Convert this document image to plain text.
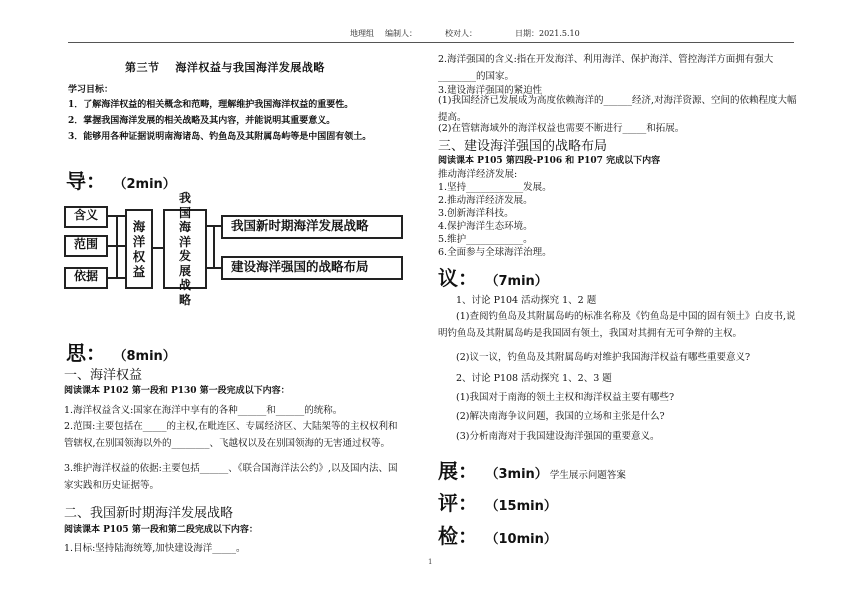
地理组 编制人：	校对人：	日期：2021.5.10
第三节　 海洋权益与我国海洋发展战略
学习目标：
1．了解海洋权益的相关概念和范畴，理解维护我国海洋权益的重要性。
2．掌握我国海洋发展的相关战略及其内容，并能说明其重要意义。
3．能够用各种证据说明南海诸岛、钓鱼岛及其附属岛屿等是中国固有领土。
导： （2min）
含义
范围
依据
海
洋
权
益
我
国
海
洋
发
展
战
略
我国新时期海洋发展战略
建设海洋强国的战略布局
思： （8min）
一、海洋权益
阅读课本 P102 第一段和 P130 第一段完成以下内容：
1.海洋权益含义:国家在海洋中享有的各种______和______的统称。
2.范围:主要包括在_____的主权,在毗连区、专属经济区、大陆架等的主权权利和管辖权,在别国领海以外的________、飞越权以及在别国领海的无害通过权等。
3.维护海洋权益的依据:主要包括______、《联合国海洋法公约》,以及国内法、国家实践和历史证据等。
二、我国新时期海洋发展战略
阅读课本 P105 第一段和第二段完成以下内容：
1.目标:坚持陆海统筹,加快建设海洋_____。
2.海洋强国的含义:指在开发海洋、利用海洋、保护海洋、管控海洋方面拥有强大________的国家。
3.建设海洋强国的紧迫性
(1)我国经济已发展成为高度依赖海洋的______经济,对海洋资源、空间的依赖程度大幅提高。
(2)在管辖海域外的海洋权益也需要不断进行_____和拓展。
三、建设海洋强国的战略布局
阅读课本 P105 第四段-P106 和 P107 完成以下内容
推动海洋经济发展:
1.坚持____________发展。
2.推动海洋经济发展。
3.创新海洋科技。
4.保护海洋生态环境。
5.维护____________。
6.全面参与全球海洋治理。
议： （7min）
1、讨论 P104 活动探究 1、2 题
(1)查阅钓鱼岛及其附属岛屿的标准名称及《钓鱼岛是中国的固有领土》白皮书,说明钓鱼岛及其附属岛屿是我国固有领土，我国对其拥有无可争辩的主权。
(2)议一议，钓鱼岛及其附属岛屿对维护我国海洋权益有哪些重要意义?
2、讨论 P108 活动探究 1、2、3 题
(1)我国对于南海的领土主权和海洋权益主要有哪些?
(2)解决南海争议问题，我国的立场和主张是什么?
(3)分析南海对于我国建设海洋强国的重要意义。
展： （3min） 学生展示问题答案
评： （15min）
检： （10min）
1
